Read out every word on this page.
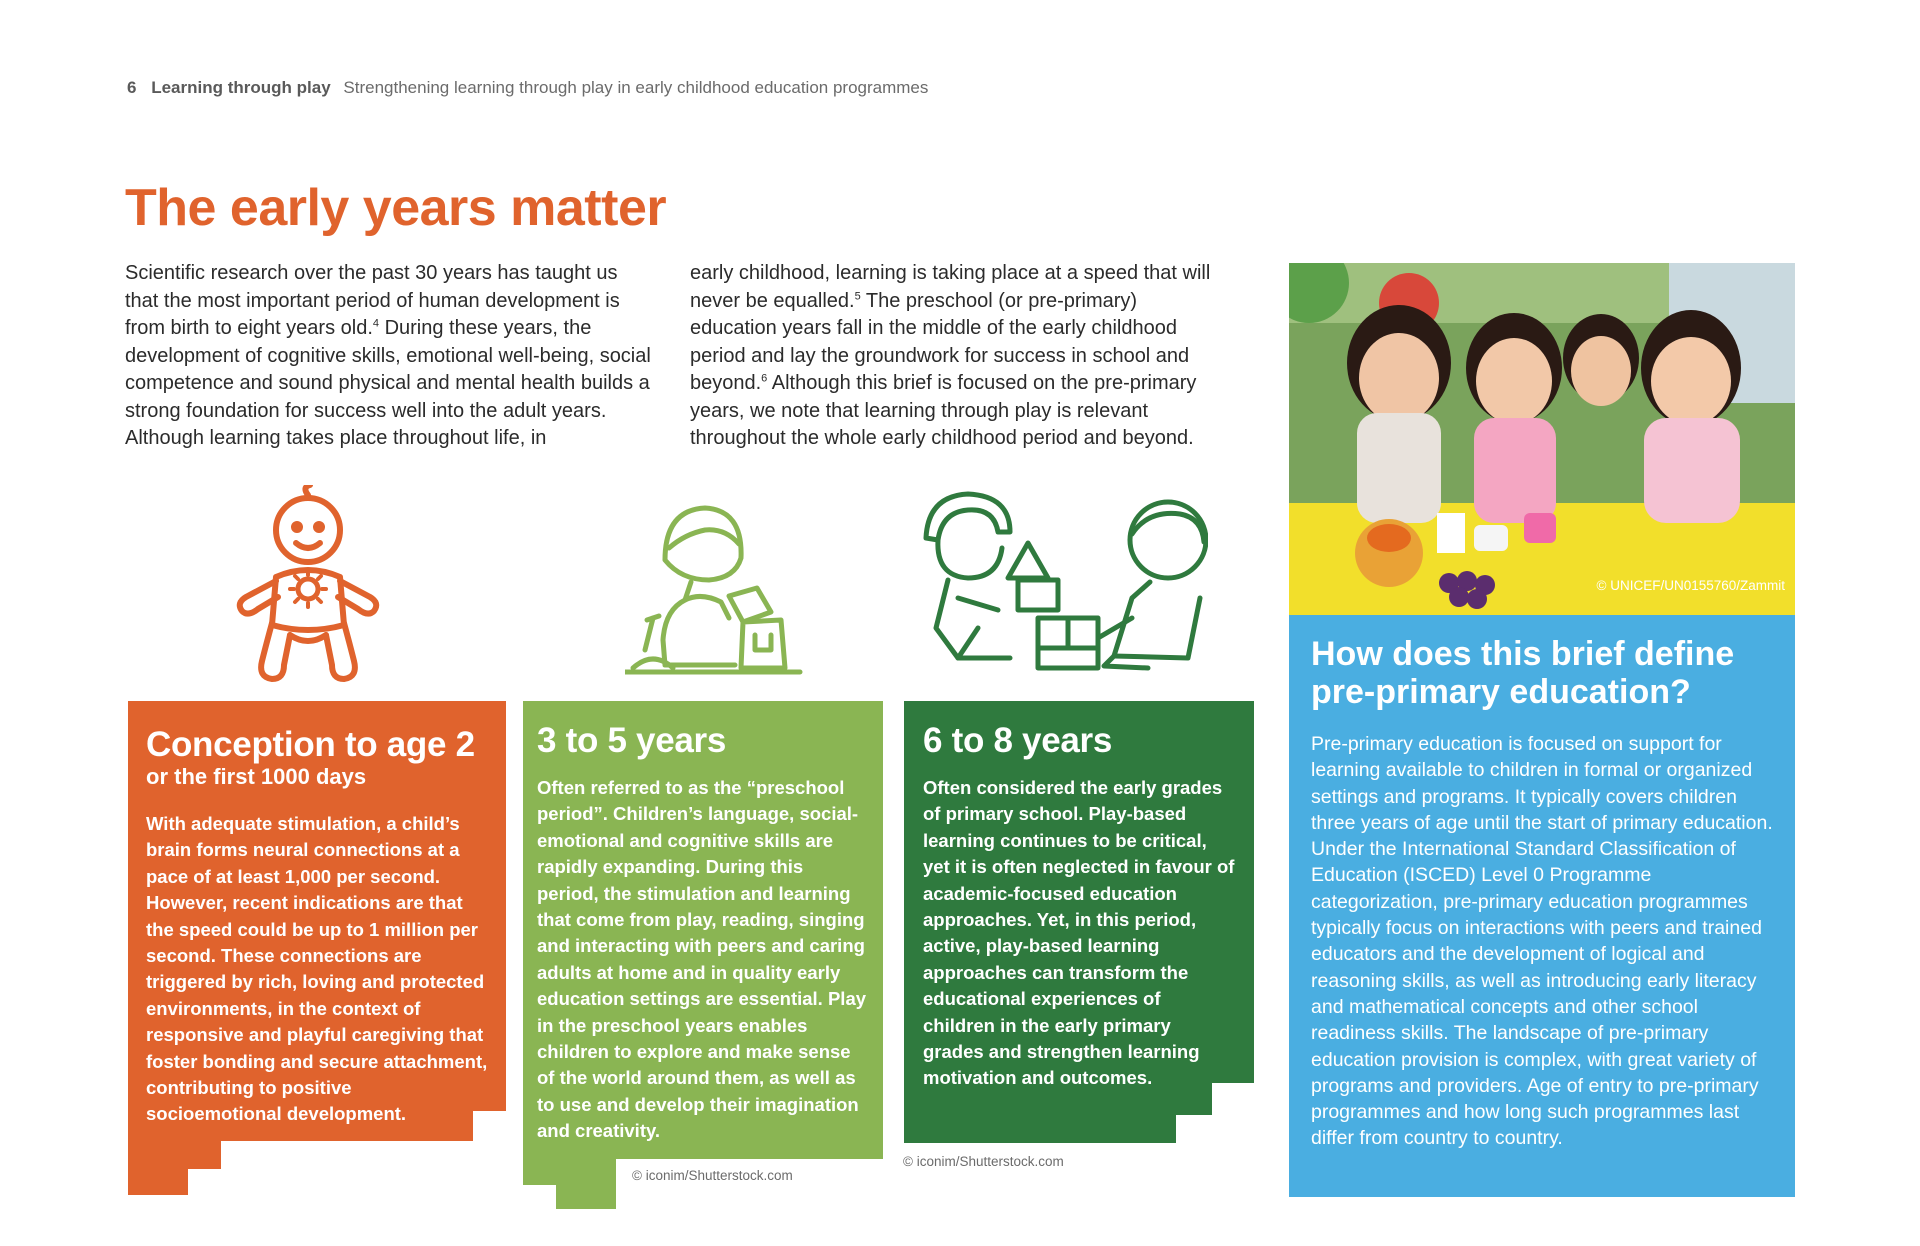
6 Learning through play Strengthening learning through play in early childhood education programmes
The early years matter

Scientific research over the past 30 years has taught us that the most important period of human development is from birth to eight years old.$^4$ During these years, the development of cognitive skills, emotional well-being, social competence and sound physical and mental health builds a strong foundation for success well into the adult years. Although learning takes place throughout life, in

early childhood, learning is taking place at a speed that will never be equalled.$^5$ The preschool (or pre-primary) education years fall in the middle of the early childhood period and lay the groundwork for success in school and beyond.$^6$ Although this brief is focused on the pre-primary years, we note that learning through play is relevant throughout the whole early childhood period and beyond.

Conception to age 2
or the first 1000 days

With adequate stimulation, a child’s brain forms neural connections at a pace of at least 1,000 per second. However, recent indications are that the speed could be up to 1 million per second. These connections are triggered by rich, loving and protected environments, in the context of responsive and playful caregiving that foster bonding and secure attachment, contributing to positive socioemotional development.

3 to 5 years

Often referred to as the “preschool period”. Children’s language, social-emotional and cognitive skills are rapidly expanding. During this period, the stimulation and learning that come from play, reading, singing and interacting with peers and caring adults at home and in quality early education settings are essential. Play in the preschool years enables children to explore and make sense of the world around them, as well as to use and develop their imagination and creativity.

© iconim/Shutterstock.com
6 to 8 years

Often considered the early grades of primary school. Play-based learning continues to be critical, yet it is often neglected in favour of academic-focused education approaches. Yet, in this period, active, play-based learning approaches can transform the educational experiences of children in the early primary grades and strengthen learning motivation and outcomes.

© iconim/Shutterstock.com
© UNICEF/UN0155760/Zammit
How does this brief define pre-primary education?

Pre-primary education is focused on support for learning available to children in formal or organized settings and programs. It typically covers children three years of age until the start of primary education. Under the International Standard Classification of Education (ISCED) Level 0 Programme categorization, pre-primary education programmes typically focus on interactions with peers and trained educators and the development of logical and reasoning skills, as well as introducing early literacy and mathematical concepts and other school readiness skills. The landscape of pre-primary education provision is complex, with great variety of programs and providers. Age of entry to pre-primary programmes and how long such programmes last differ from country to country.
